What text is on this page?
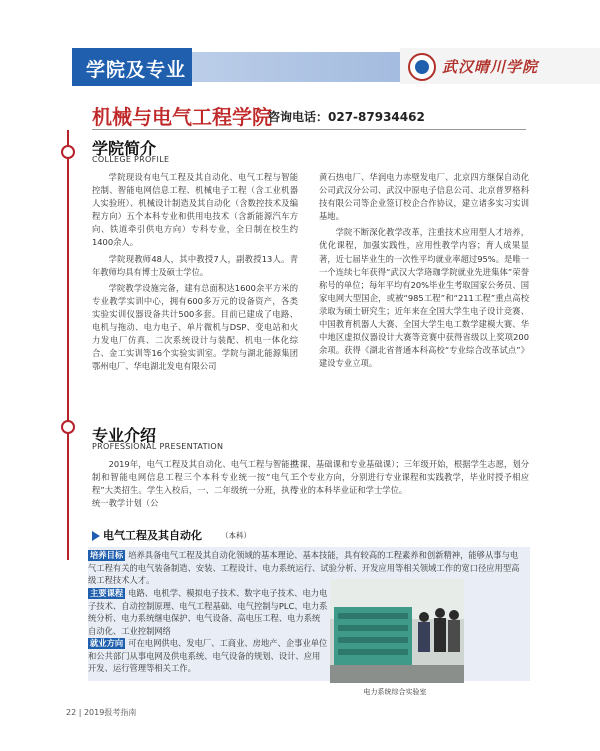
学院及专业	武汉晴川学院
机械与电气工程学院
咨询电话：027-87934462
学院简介
COLLEGE PROFILE

学院现设有电气工程及其自动化、电气工程与智能控制、智能电网信息工程、机械电子工程（含工业机器人实验班）、机械设计制造及其自动化（含数控技术及编程方向）五个本科专业和供用电技术（含新能源汽车方向、铁道牵引供电方向）专科专业，全日制在校生约1400余人。

学院现教师48人，其中教授7人，副教授13人。青年教师均具有博士及硕士学位。

学院教学设施完备，建有总面积达1600余平方米的专业教学实训中心，拥有600多万元的设备资产，各类实验实训仪器设备共计500多套。目前已建成了电路、电机与拖动、电力电子、单片微机与DSP、变电站和火力发电厂仿真、二次系统设计与装配、机电一体化综合、金工实训等16个实验实训室。学院与湖北能源集团鄂州电厂、华电湖北发电有限公司

黄石热电厂、华润电力赤壁发电厂、北京四方继保自动化公司武汉分公司、武汉中原电子信息公司、北京普罗格科技有限公司等企业签订校企合作协议，建立诸多实习实训基地。

学院不断深化教学改革，注重技术应用型人才培养，优化课程，加强实践性，应用性教学内容；育人成果显著，近七届毕业生的一次性平均就业率超过95%。是唯一一个连续七年获得“武汉大学珞珈学院就业先进集体”荣誉称号的单位；每年平均有20%毕业生考取国家公务员、国家电网大型国企，或被“985工程”和“211工程”重点高校录取为硕士研究生；近年来在全国大学生电子设计竞赛、中国教育机器人大赛、全国大学生电工数学建模大赛、华中地区虚拟仪器设计大赛等竞赛中获得省级以上奖项200余项。获得《湖北省普通本科高校“专业综合改革试点”》建设专业立项。

专业介绍
PROFESSIONAL PRESENTATION

2019年，电气工程及其自动化、电气工程与智能控制和智能电网信息工程三个本科专业统一按“电气工程”大类招生。学生入校后，一、二年级统一分班，执行统一教学计划（公

共课、基础课和专业基础课）；三年级开始，根据学生志愿，划分三个专业方向，分别进行专业课程和实践教学，毕业时授予相应专业的本科毕业证和学士学位。

电气工程及其自动化	（本科）
培养目标 培养具备电气工程及其自动化领域的基本理论、基本技能，具有较高的工程素养和创新精神，能够从事与电气工程有关的电气装备制造、安装、工程设计、电力系统运行、试验分析、开发应用等相关领域工作的宽口径应用型高级工程技术人才。
主要课程 电路、电机学、模拟电子技术、数字电子技术、电力电子技术、自动控制原理、电气工程基础、电气控制与PLC、电力系统分析、电力系统继电保护、电气设备、高电压工程、电力系统自动化、工业控制网络
就业方向 可在电网供电、发电厂、工商业、房地产、企事业单位和公共部门从事电网及供电系统、电气设备的规划、设计、应用开发、运行管理等相关工作。
电力系统综合实验室
22 | 2019报考指南
